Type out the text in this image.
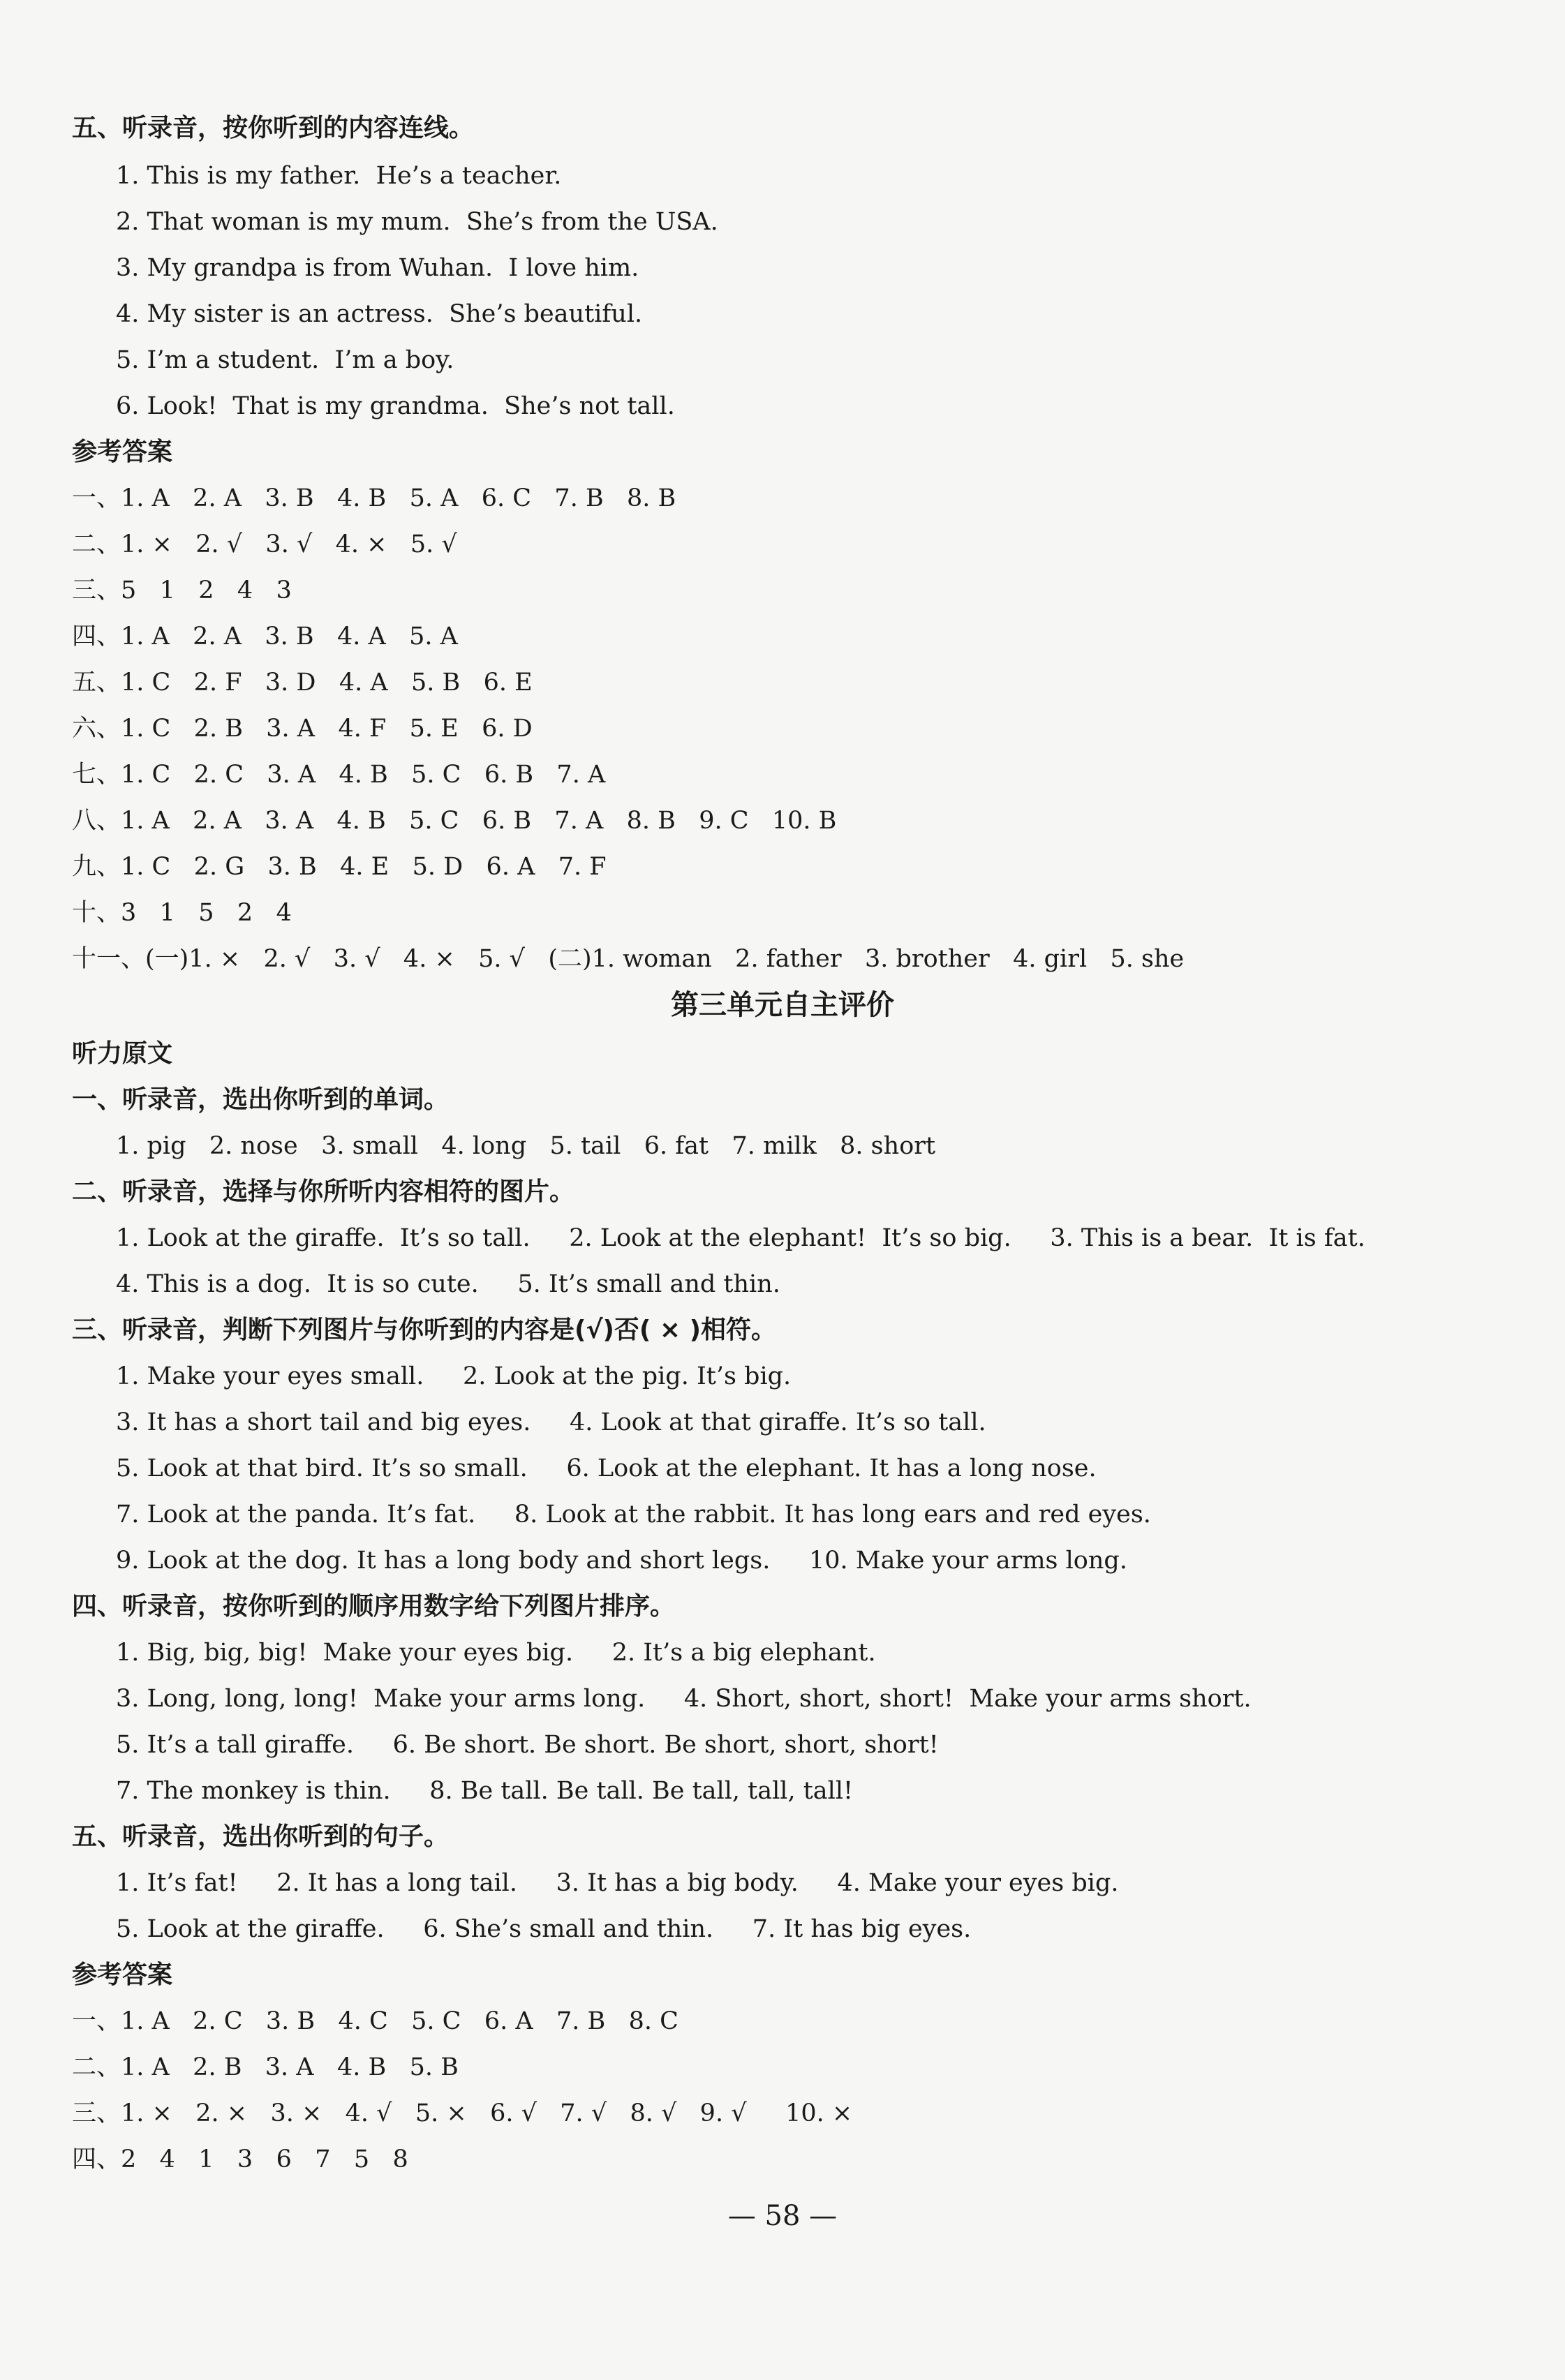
五、听录音，按你听到的内容连线。
1. This is my father.  He’s a teacher.
2. That woman is my mum.  She’s from the USA.
3. My grandpa is from Wuhan.  I love him.
4. My sister is an actress.  She’s beautiful.
5. I’m a student.  I’m a boy.
6. Look!  That is my grandma.  She’s not tall.
参考答案
一、1. A   2. A   3. B   4. B   5. A   6. C   7. B   8. B
二、1. ×   2. √   3. √   4. ×   5. √
三、5   1   2   4   3
四、1. A   2. A   3. B   4. A   5. A
五、1. C   2. F   3. D   4. A   5. B   6. E
六、1. C   2. B   3. A   4. F   5. E   6. D
七、1. C   2. C   3. A   4. B   5. C   6. B   7. A
八、1. A   2. A   3. A   4. B   5. C   6. B   7. A   8. B   9. C   10. B
九、1. C   2. G   3. B   4. E   5. D   6. A   7. F
十、3   1   5   2   4
十一、(一)1. ×   2. √   3. √   4. ×   5. √   (二)1. woman   2. father   3. brother   4. girl   5. she
第三单元自主评价
听力原文
一、听录音，选出你听到的单词。
1. pig   2. nose   3. small   4. long   5. tail   6. fat   7. milk   8. short
二、听录音，选择与你所听内容相符的图片。
1. Look at the giraffe.  It’s so tall.     2. Look at the elephant!  It’s so big.     3. This is a bear.  It is fat.
4. This is a dog.  It is so cute.     5. It’s small and thin.
三、听录音，判断下列图片与你听到的内容是(√)否( × )相符。
1. Make your eyes small.     2. Look at the pig. It’s big.
3. It has a short tail and big eyes.     4. Look at that giraffe. It’s so tall.
5. Look at that bird. It’s so small.     6. Look at the elephant. It has a long nose.
7. Look at the panda. It’s fat.     8. Look at the rabbit. It has long ears and red eyes.
9. Look at the dog. It has a long body and short legs.     10. Make your arms long.
四、听录音，按你听到的顺序用数字给下列图片排序。
1. Big, big, big!  Make your eyes big.     2. It’s a big elephant.
3. Long, long, long!  Make your arms long.     4. Short, short, short!  Make your arms short.
5. It’s a tall giraffe.     6. Be short. Be short. Be short, short, short!
7. The monkey is thin.     8. Be tall. Be tall. Be tall, tall, tall!
五、听录音，选出你听到的句子。
1. It’s fat!     2. It has a long tail.     3. It has a big body.     4. Make your eyes big.
5. Look at the giraffe.     6. She’s small and thin.     7. It has big eyes.
参考答案
一、1. A   2. C   3. B   4. C   5. C   6. A   7. B   8. C
二、1. A   2. B   3. A   4. B   5. B
三、1. ×   2. ×   3. ×   4. √   5. ×   6. √   7. √   8. √   9. √     10. ×
四、2   4   1   3   6   7   5   8
— 58 —
